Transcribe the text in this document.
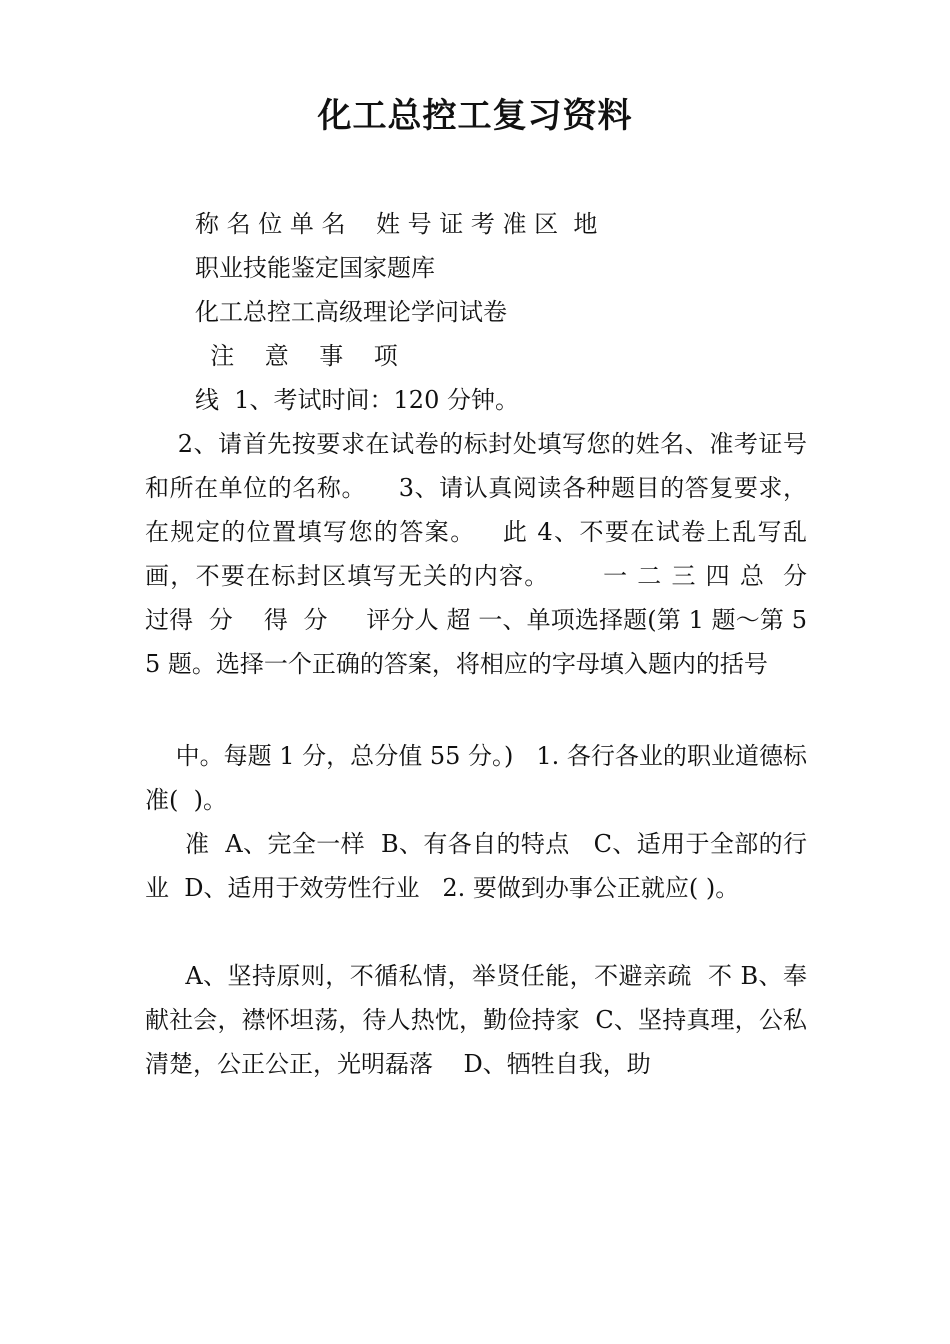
化工总控工复习资料
称 名 位 单 名    姓 号 证 考 准 区  地
职业技能鉴定国家题库
化工总控工高级理论学问试卷
注    意    事    项
线  1、考试时间：120 分钟。
2、请首先按要求在试卷的标封处填写您的姓名、准考证号和所在单位的名称。    3、请认真阅读各种题目的答复要求，在规定的位置填写您的答案。   此 4、不要在试卷上乱写乱画，不要在标封区填写无关的内容。      一 二 三 四 总  分    过得  分    得  分     评分人 超 一、单项选择题(第 1 题～第 55 题。选择一个正确的答案，将相应的字母填入题内的括号
中。每题 1 分，总分值 55 分。)   1. 各行各业的职业道德标准(  )。
准  A、完全一样  B、有各自的特点   C、适用于全部的行业  D、适用于效劳性行业   2. 要做到办事公正就应( )。
A、坚持原则，不循私情，举贤任能，不避亲疏  不 B、奉献社会，襟怀坦荡，待人热忱，勤俭持家  C、坚持真理，公私清楚，公正公正，光明磊落    D、牺牲自我，助
